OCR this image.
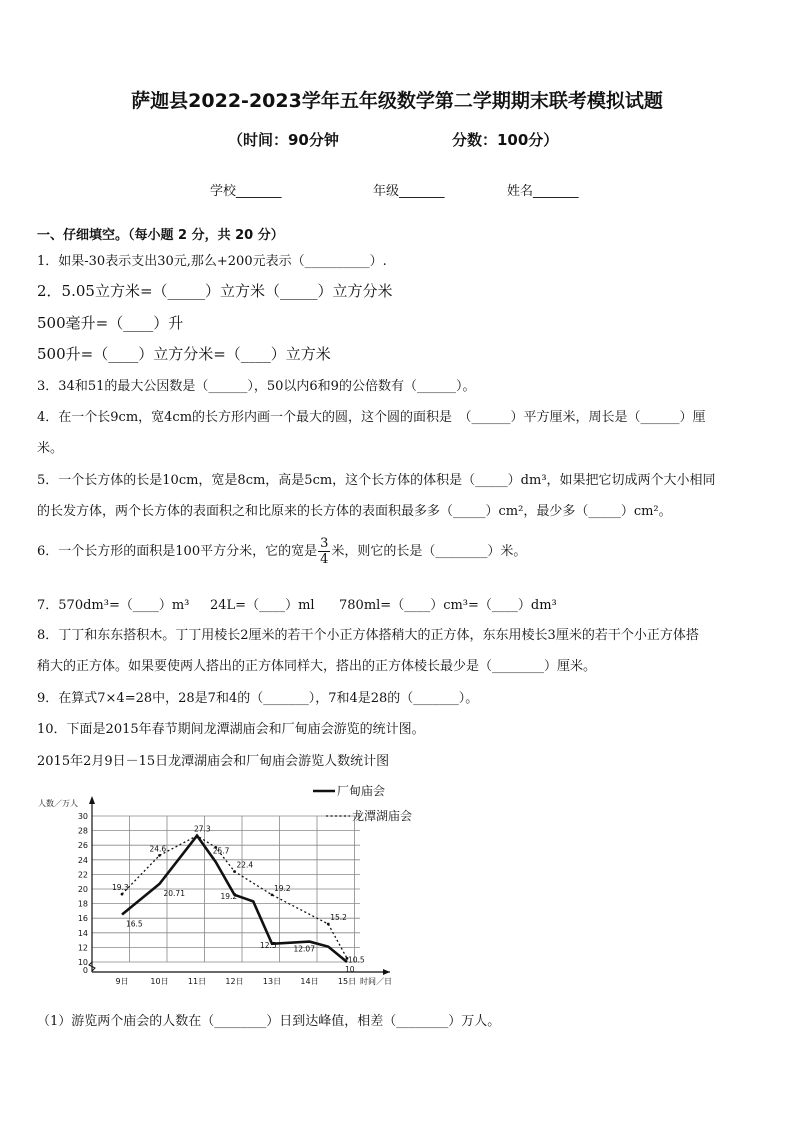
萨迦县2022-2023学年五年级数学第二学期期末联考模拟试题
（时间：90分钟	分数：100分）
学校_______	年级_______	姓名_______
一、仔细填空。（每小题 2 分，共 20 分）
1．如果-30表示支出30元,那么+200元表示（__________）.
2．5.05立方米=（_____）立方米（_____）立方分米
500毫升=（____）升
500升=（____）立方分米=（____）立方米
3．34和51的最大公因数是（______），50以内6和9的公倍数有（______）。
4．在一个长9cm，宽4cm的长方形内画一个最大的圆，这个圆的面积是　（______）平方厘米，周长是（______）厘
米。
5．一个长方体的长是10cm，宽是8cm，高是5cm，这个长方体的体积是（_____）dm³，如果把它切成两个大小相同
的长发方体，两个长方体的表面积之和比原来的长方体的表面积最多多（_____）cm²，最少多（_____）cm²。
6．一个长方形的面积是100平方分米，它的宽是 $\frac{3}{4}$ 米，则它的长是（________）米。
7．570dm³=（____）m³ 24L=（____）ml 780ml=（____）cm³=（____）dm³
8．丁丁和东东搭积木。丁丁用棱长2厘米的若干个小正方体搭稍大的正方体，东东用棱长3厘米的若干个小正方体搭
稍大的正方体。如果要使两人搭出的正方体同样大，搭出的正方体棱长最少是（________）厘米。
9．在算式7×4=28中，28是7和4的（_______），7和4是28的（_______）。
10．下面是2015年春节期间龙潭湖庙会和厂甸庙会游览的统计图。
2015年2月9日－15日龙潭湖庙会和厂甸庙会游览人数统计图
0
10
12
14
16
18
20
22
24
26
28
30
9日	10日 11日 12日 13日 14日 15日
人数／万人
时间／日
16.5
20.71	19.2
12.5 12.07
10
19.3
24.6
27.3
25.7
22.4
19.2
15.2
10.5
厂甸庙会
龙潭湖庙会
（1）游览两个庙会的人数在（________）日到达峰值，相差（________）万人。
